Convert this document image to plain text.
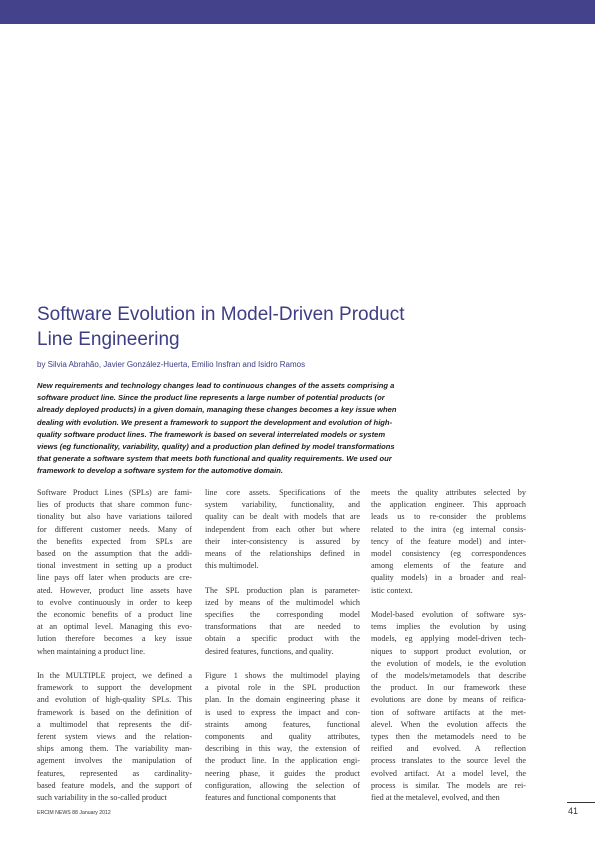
Software Evolution in Model-Driven Product
Line Engineering
by Silvia Abrahão, Javier González-Huerta, Emilio Insfran and Isidro Ramos
New requirements and technology changes lead to continuous changes of the assets comprising a
software product line. Since the product line represents a large number of potential products (or
already deployed products) in a given domain, managing these changes becomes a key issue when
dealing with evolution. We present a framework to support the development and evolution of high-
quality software product lines. The framework is based on several interrelated models or system
views (eg functionality, variability, quality) and a production plan defined by model transformations
that generate a software system that meets both functional and quality requirements. We used our
framework to develop a software system for the automotive domain.

Software Product Lines (SPLs) are fami-
lies of products that share common func-
tionality but also have variations tailored
for different customer needs. Many of
the benefits expected from SPLs are
based on the assumption that the addi-
tional investment in setting up a product
line pays off later when products are cre-
ated. However, product line assets have
to evolve continuously in order to keep
the economic benefits of a product line
at an optimal level. Managing this evo-
lution therefore becomes a key issue
when maintaining a product line.

In the MULTIPLE project, we defined a
framework to support the development
and evolution of high-quality SPLs. This
framework is based on the definition of
a multimodel that represents the dif-
ferent system views and the relation-
ships among them. The variability man-
agement involves the manipulation of
features, represented as cardinality-
based feature models, and the support of
such variability in the so-called product

line core assets. Specifications of the
system variability, functionality, and
quality can be dealt with models that are
independent from each other but where
their inter-consistency is assured by
means of the relationships defined in
this multimodel.

The SPL production plan is parameter-
ized by means of the multimodel which
specifies the corresponding model
transformations that are needed to
obtain a specific product with the
desired features, functions, and quality.

Figure 1 shows the multimodel playing
a pivotal role in the SPL production
plan. In the domain engineering phase it
is used to express the impact and con-
straints among features, functional
components and quality attributes,
describing in this way, the extension of
the product line. In the application engi-
neering phase, it guides the product
configuration, allowing the selection of
features and functional components that

meets the quality attributes selected by
the application engineer. This approach
leads us to re-consider the problems
related to the intra (eg internal consis-
tency of the feature model) and inter-
model consistency (eg correspondences
among elements of the feature and
quality models) in a broader and real-
istic context.

Model-based evolution of software sys-
tems implies the evolution by using
models, eg applying model-driven tech-
niques to support product evolution, or
the evolution of models, ie the evolution
of the models/metamodels that describe
the product. In our framework these
evolutions are done by means of reifica-
tion of software artifacts at the met-
alevel. When the evolution affects the
types then the metamodels need to be
reified and evolved. A reflection
process translates to the source level the
evolved artifact. At a model level, the
process is similar. The models are rei-
fied at the metalevel, evolved, and then

ERCIM NEWS 88 January 2012	41
